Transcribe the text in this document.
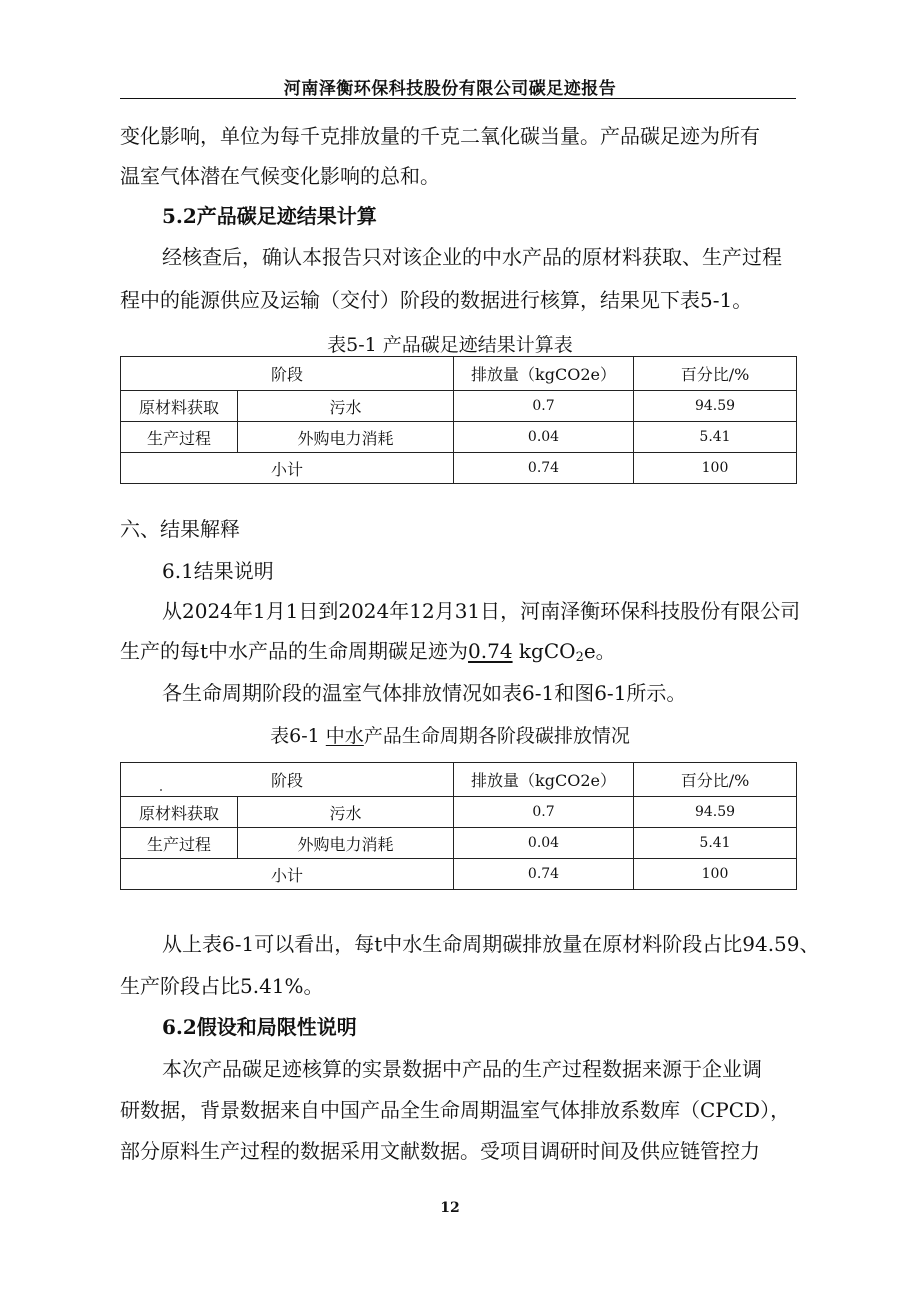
河南泽衡环保科技股份有限公司碳足迹报告
变化影响，单位为每千克排放量的千克二氧化碳当量。产品碳足迹为所有
温室气体潜在气候变化影响的总和。
5.2产品碳足迹结果计算
经核查后，确认本报告只对该企业的中水产品的原材料获取、生产过程
程中的能源供应及运输（交付）阶段的数据进行核算，结果见下表5-1。
表5-1 产品碳足迹结果计算表
阶段		排放量（kgCO2e）	百分比/%
原材料获取	污水	0.7	94.59
生产过程	外购电力消耗	0.04	5.41
小计		0.74	100
六、结果解释
6.1结果说明
从2024年1月1日到2024年12月31日，河南泽衡环保科技股份有限公司
生产的每t中水产品的生命周期碳足迹为0.74 kgCO$_2$e。
各生命周期阶段的温室气体排放情况如表6-1和图6-1所示。
表6-1 中水产品生命周期各阶段碳排放情况
阶段		排放量（kgCO2e）	百分比/%
原材料获取	污水	0.7	94.59
生产过程	外购电力消耗	0.04	5.41
小计		0.74	100
从上表6-1可以看出，每t中水生命周期碳排放量在原材料阶段占比94.59、
生产阶段占比5.41%。
6.2假设和局限性说明
本次产品碳足迹核算的实景数据中产品的生产过程数据来源于企业调
研数据，背景数据来自中国产品全生命周期温室气体排放系数库（CPCD），
部分原料生产过程的数据采用文献数据。受项目调研时间及供应链管控力
12
